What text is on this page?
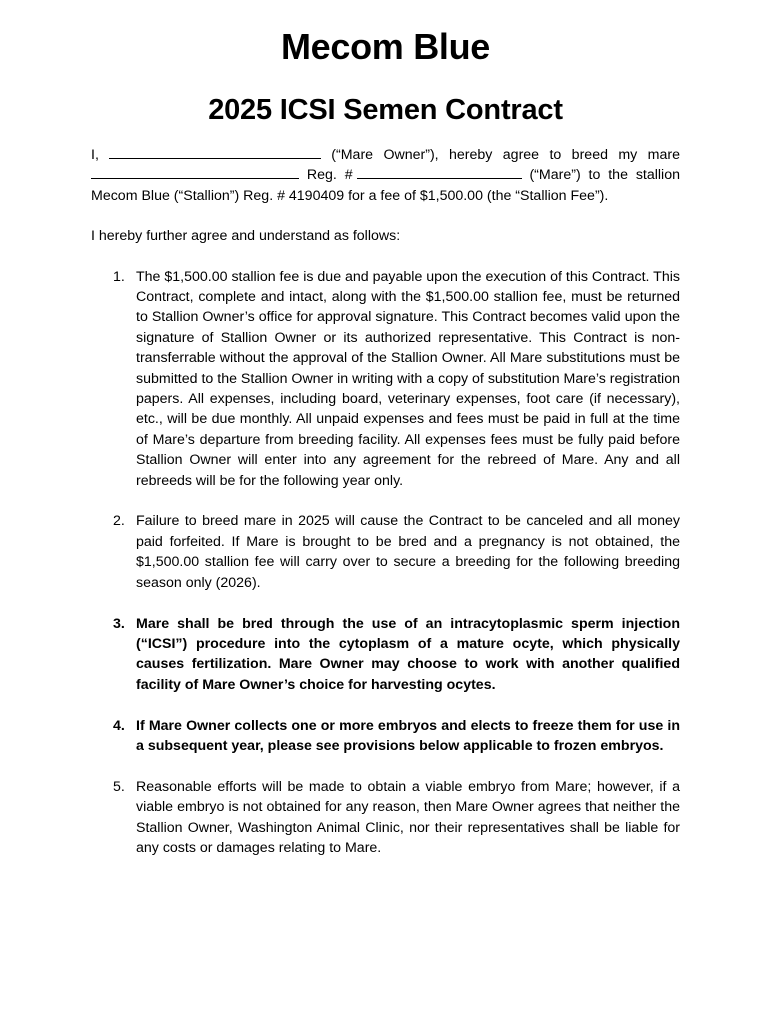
Mecom Blue
2025 ICSI Semen Contract

I,	(“Mare Owner”), hereby agree to breed my mare  Reg. #	(“Mare”) to the stallion Mecom Blue (“Stallion”) Reg. # 4190409 for a fee of $1,500.00 (the “Stallion Fee”).

I hereby further agree and understand as follows:

1. The $1,500.00 stallion fee is due and payable upon the execution of this Contract. This Contract, complete and intact, along with the $1,500.00 stallion fee, must be returned to Stallion Owner’s office for approval signature. This Contract becomes valid upon the signature of Stallion Owner or its authorized representative. This Contract is non-transferrable without the approval of the Stallion Owner. All Mare substitutions must be submitted to the Stallion Owner in writing with a copy of substitution Mare’s registration papers. All expenses, including board, veterinary expenses, foot care (if necessary), etc., will be due monthly. All unpaid expenses and fees must be paid in full at the time of Mare’s departure from breeding facility. All expenses fees must be fully paid before Stallion Owner will enter into any agreement for the rebreed of Mare. Any and all rebreeds will be for the following year only.
2. Failure to breed mare in 2025 will cause the Contract to be canceled and all money paid forfeited. If Mare is brought to be bred and a pregnancy is not obtained, the $1,500.00 stallion fee will carry over to secure a breeding for the following breeding season only (2026).
3. Mare shall be bred through the use of an intracytoplasmic sperm injection (“ICSI”) procedure into the cytoplasm of a mature ocyte, which physically causes fertilization. Mare Owner may choose to work with another qualified facility of Mare Owner’s choice for harvesting ocytes.
4. If Mare Owner collects one or more embryos and elects to freeze them for use in a subsequent year, please see provisions below applicable to frozen embryos.
5. Reasonable efforts will be made to obtain a viable embryo from Mare; however, if a viable embryo is not obtained for any reason, then Mare Owner agrees that neither the Stallion Owner, Washington Animal Clinic, nor their representatives shall be liable for any costs or damages relating to Mare.
